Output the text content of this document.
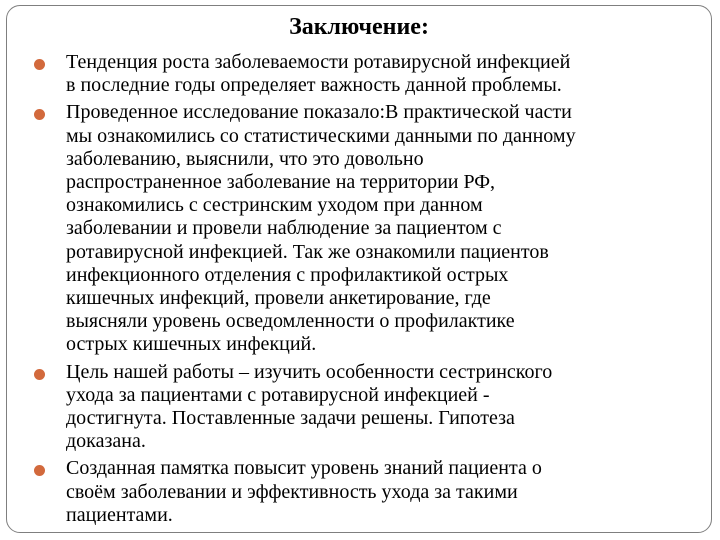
Заключение:
Тенденция роста заболеваемости ротавирусной инфекцией
в последние годы определяет важность данной проблемы.
Проведенное исследование показало:В практической части
мы ознакомились со статистическими данными по данному
заболеванию, выяснили, что это довольно
распространенное заболевание на территории РФ,
ознакомились с сестринским уходом при данном
заболевании и провели наблюдение за пациентом с
ротавирусной инфекцией. Так же ознакомили пациентов
инфекционного отделения с профилактикой острых
кишечных инфекций, провели анкетирование, где
выясняли уровень осведомленности о профилактике
острых кишечных инфекций.
Цель нашей работы – изучить особенности сестринского
ухода за пациентами с ротавирусной инфекцией -
достигнута. Поставленные задачи решены. Гипотеза
доказана.
Созданная памятка повысит уровень знаний пациента о
своём заболевании и эффективность ухода за такими
пациентами.
